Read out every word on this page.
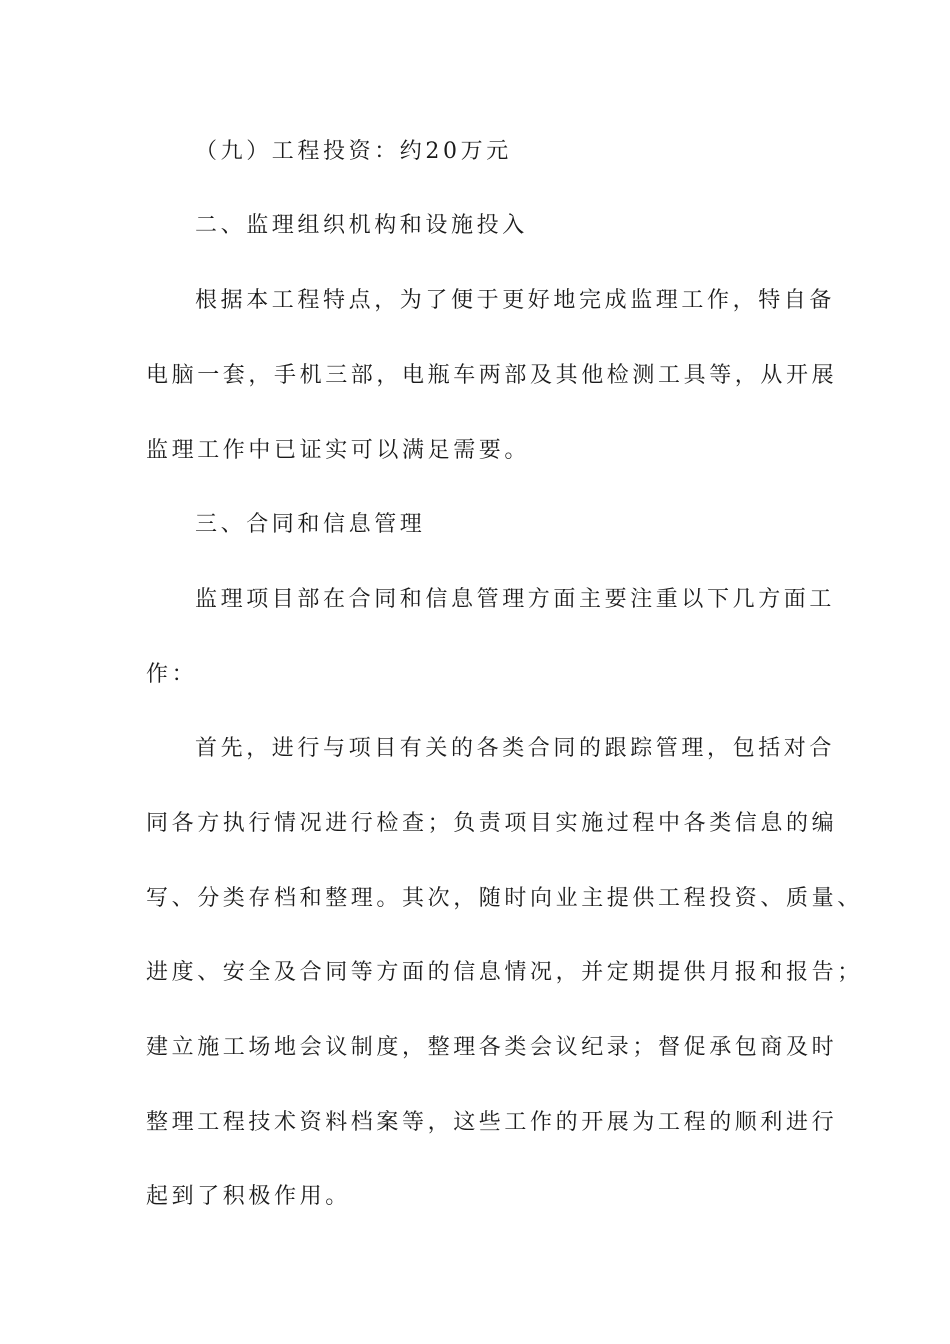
（九）工程投资：约20万元
二、监理组织机构和设施投入
根据本工程特点，为了便于更好地完成监理工作，特自备
电脑一套，手机三部，电瓶车两部及其他检测工具等，从开展
监理工作中已证实可以满足需要。
三、合同和信息管理
监理项目部在合同和信息管理方面主要注重以下几方面工
作：
首先，进行与项目有关的各类合同的跟踪管理，包括对合
同各方执行情况进行检查；负责项目实施过程中各类信息的编
写、分类存档和整理。其次，随时向业主提供工程投资、质量、
进度、安全及合同等方面的信息情况，并定期提供月报和报告；
建立施工场地会议制度，整理各类会议纪录；督促承包商及时
整理工程技术资料档案等，这些工作的开展为工程的顺利进行
起到了积极作用。
